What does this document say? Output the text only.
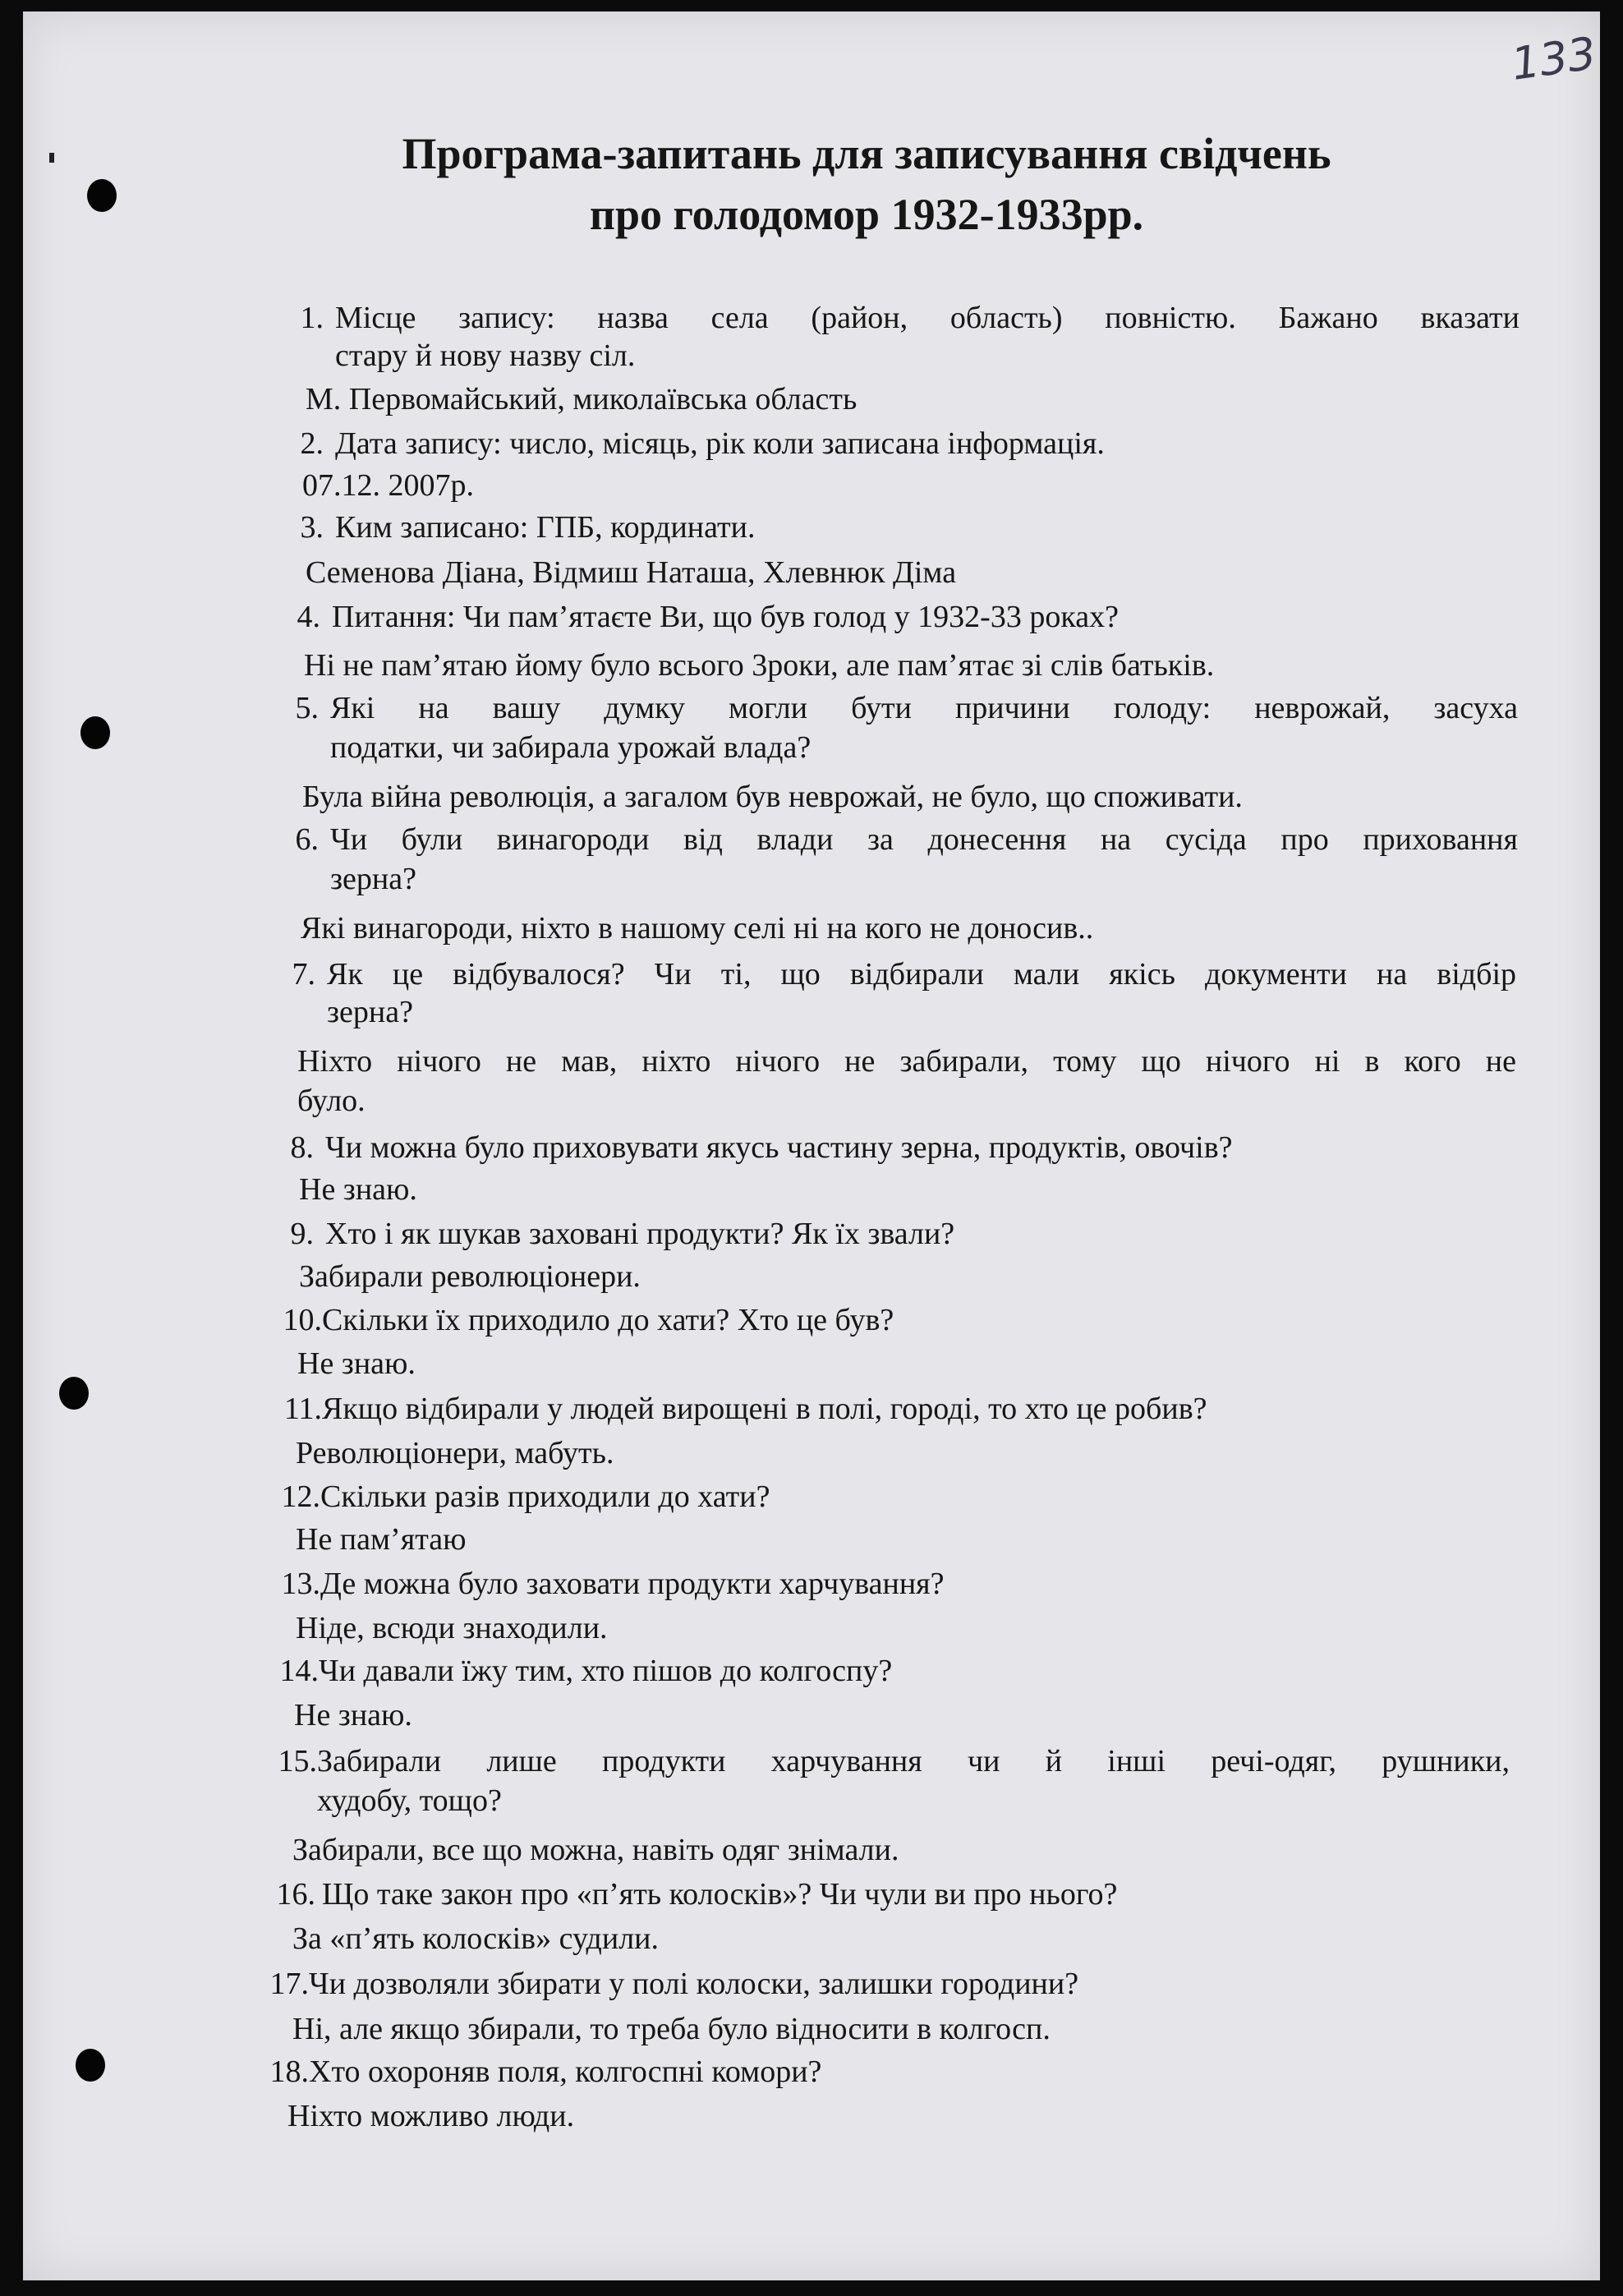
133

Програма-запитань для записування свідчень
про голодомор 1932-1933рр.
1. Місце запису: назва села (район, область) повністю. Бажано вказати
стару й нову назву сіл.
М. Первомайський, миколаївська область
2. Дата запису: число, місяць, рік коли записана інформація.
07.12. 2007р.
3. Ким записано: ГПБ, кординати.
Семенова Діана, Відмиш Наташа, Хлевнюк Діма
4. Питання: Чи пам’ятаєте Ви, що був голод у 1932-33 роках?
Ні не пам’ятаю йому було всього 3роки, але пам’ятає зі слів батьків.
5. Які на вашу думку могли бути причини голоду: неврожай, засуха
податки, чи забирала урожай влада?
Була війна революція, а загалом був неврожай, не було, що споживати.
6. Чи були винагороди від влади за донесення на сусіда про приховання
зерна?
Які винагороди, ніхто в нашому селі ні на кого не доносив..
7. Як це відбувалося? Чи ті, що відбирали мали якісь документи на відбір
зерна?
Ніхто нічого не мав, ніхто нічого не забирали, тому що нічого ні в кого не
було.
8. Чи можна було приховувати якусь частину зерна, продуктів, овочів?
Не знаю.
9. Хто і як шукав заховані продукти? Як їх звали?
Забирали революціонери.
10. Скільки їх приходило до хати? Хто це був?
Не знаю.
11. Якщо відбирали у людей вирощені в полі, городі, то хто це робив?
Революціонери, мабуть.
12. Скільки разів приходили до хати?
Не пам’ятаю
13. Де можна було заховати продукти харчування?
Ніде, всюди знаходили.
14. Чи давали їжу тим, хто пішов до колгоспу?
Не знаю.
15. Забирали лише продукти харчування чи й інші речі-одяг, рушники,
худобу, тощо?
Забирали, все що можна, навіть одяг знімали.
16. Що таке закон про «п’ять колосків»? Чи чули ви про нього?
За «п’ять колосків» судили.
17. Чи дозволяли збирати у полі колоски, залишки городини?
Ні, але якщо збирали, то треба було відносити в колгосп.
18. Хто охороняв поля, колгоспні комори?
Ніхто можливо люди.
